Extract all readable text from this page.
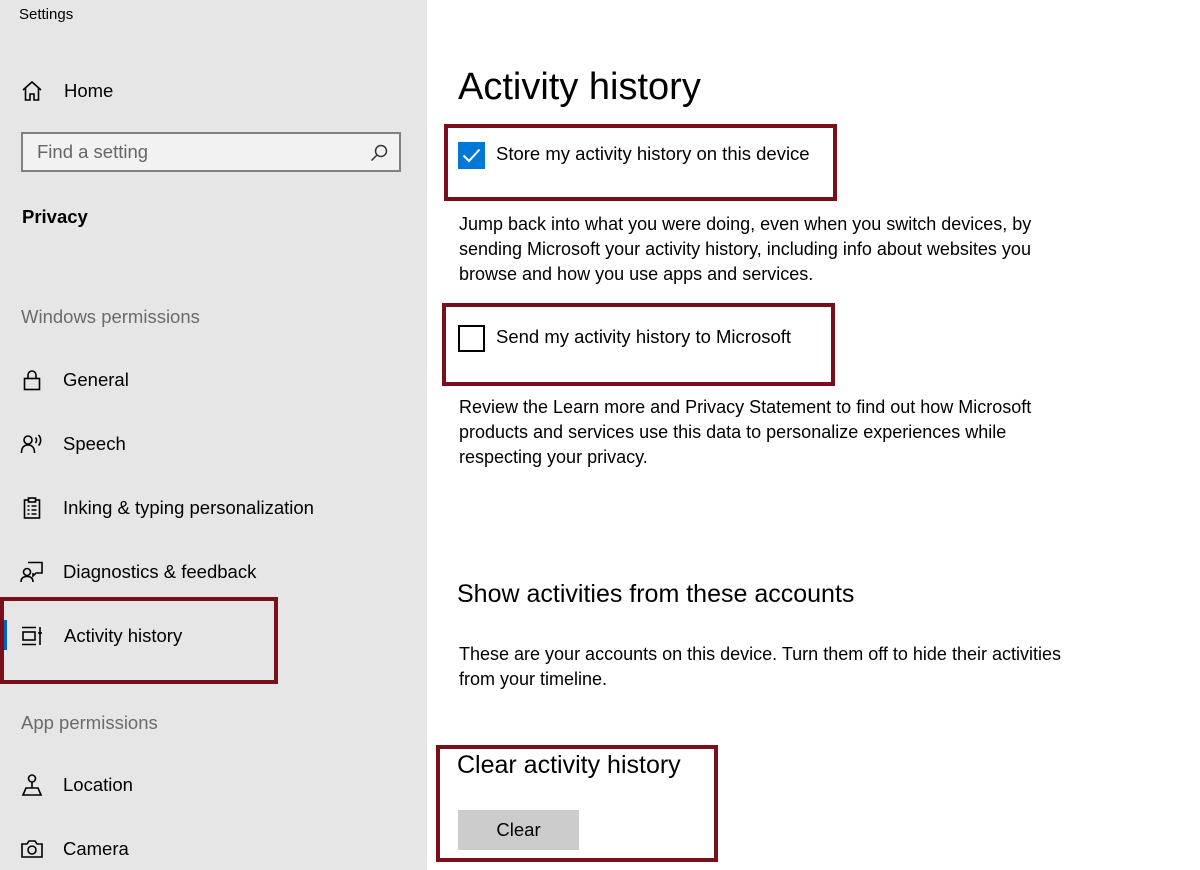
Settings
Home
Find a setting
Privacy
Windows permissions
General
Speech
Inking & typing personalization
Diagnostics & feedback
Activity history
App permissions
Location
Camera
Activity history
Store my activity history on this device

Jump back into what you were doing, even when you switch devices, by sending Microsoft your activity history, including info about websites you browse and how you use apps and services.

Send my activity history to Microsoft

Review the Learn more and Privacy Statement to find out how Microsoft products and services use this data to personalize experiences while respecting your privacy.

Show activities from these accounts

These are your accounts on this device. Turn them off to hide their activities from your timeline.

Clear activity history
Clear
